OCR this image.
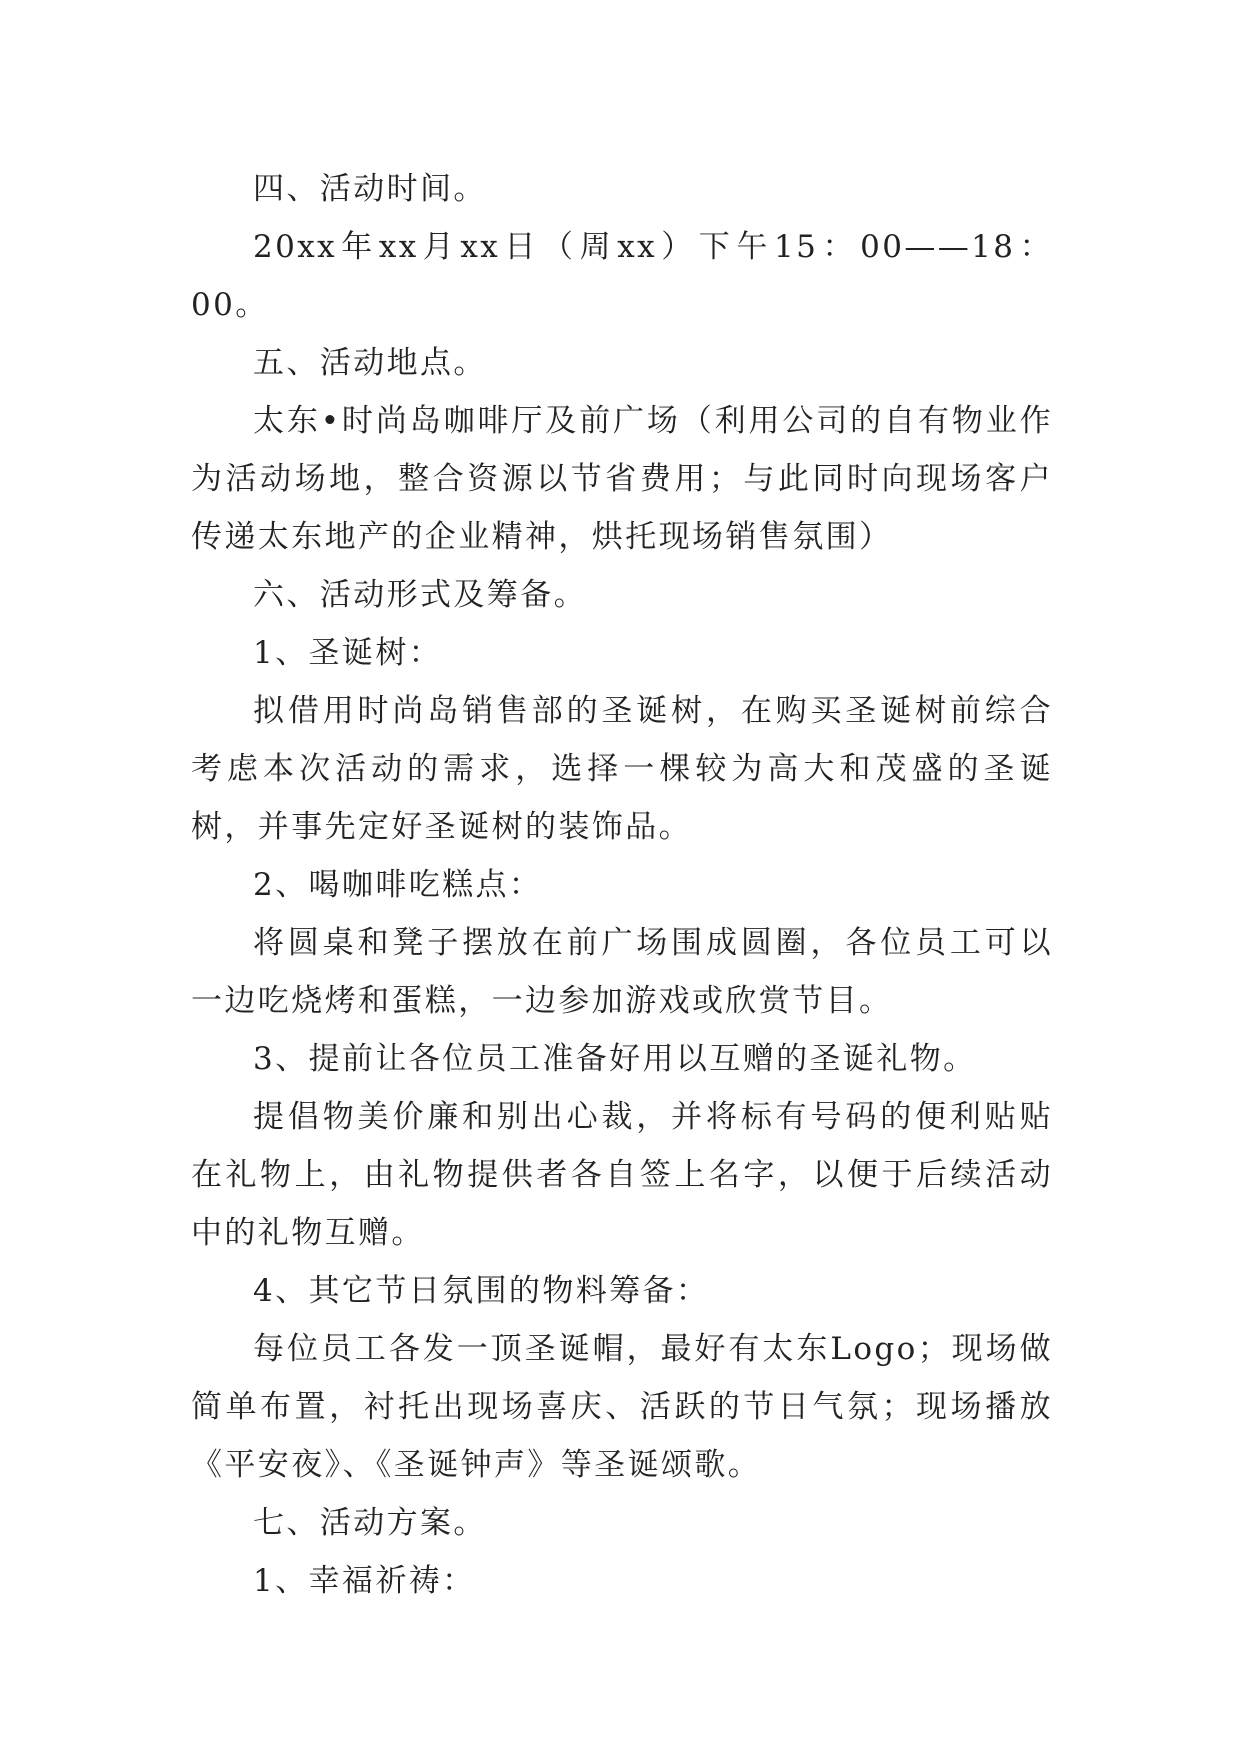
四、活动时间。

20xx年xx月xx日（周xx）下午15：00——18：00。

五、活动地点。

太东•时尚岛咖啡厅及前广场（利用公司的自有物业作为活动场地，整合资源以节省费用；与此同时向现场客户传递太东地产的企业精神，烘托现场销售氛围）

六、活动形式及筹备。

1、圣诞树：

拟借用时尚岛销售部的圣诞树，在购买圣诞树前综合考虑本次活动的需求，选择一棵较为高大和茂盛的圣诞树，并事先定好圣诞树的装饰品。

2、喝咖啡吃糕点：

将圆桌和凳子摆放在前广场围成圆圈，各位员工可以一边吃烧烤和蛋糕，一边参加游戏或欣赏节目。

3、提前让各位员工准备好用以互赠的圣诞礼物。

提倡物美价廉和别出心裁，并将标有号码的便利贴贴在礼物上，由礼物提供者各自签上名字，以便于后续活动中的礼物互赠。

4、其它节日氛围的物料筹备：

每位员工各发一顶圣诞帽，最好有太东Logo；现场做简单布置，衬托出现场喜庆、活跃的节日气氛；现场播放《平安夜》、《圣诞钟声》等圣诞颂歌。

七、活动方案。

1、幸福祈祷：
